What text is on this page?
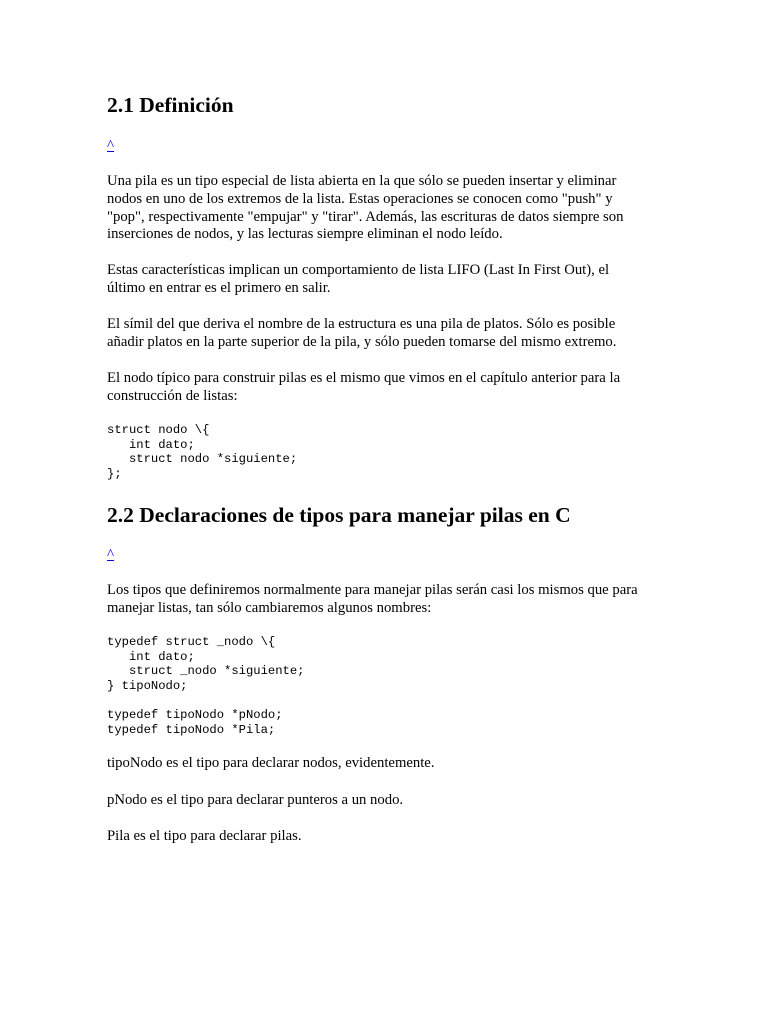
2.1 Definición
^

Una pila es un tipo especial de lista abierta en la que sólo se pueden insertar y eliminar
nodos en uno de los extremos de la lista. Estas operaciones se conocen como "push" y
"pop", respectivamente "empujar" y "tirar". Además, las escrituras de datos siempre son
inserciones de nodos, y las lecturas siempre eliminan el nodo leído.

Estas características implican un comportamiento de lista LIFO (Last In First Out), el
último en entrar es el primero en salir.

El símil del que deriva el nombre de la estructura es una pila de platos. Sólo es posible
añadir platos en la parte superior de la pila, y sólo pueden tomarse del mismo extremo.

El nodo típico para construir pilas es el mismo que vimos en el capítulo anterior para la
construcción de listas:

struct nodo \{
int dato;
struct nodo *siguiente;
};
2.2 Declaraciones de tipos para manejar pilas en C
^

Los tipos que definiremos normalmente para manejar pilas serán casi los mismos que para
manejar listas, tan sólo cambiaremos algunos nombres:

typedef struct _nodo \{
int dato;
struct _nodo *siguiente;
} tipoNodo;
typedef tipoNodo *pNodo;
typedef tipoNodo *Pila;

tipoNodo es el tipo para declarar nodos, evidentemente.

pNodo es el tipo para declarar punteros a un nodo.

Pila es el tipo para declarar pilas.
